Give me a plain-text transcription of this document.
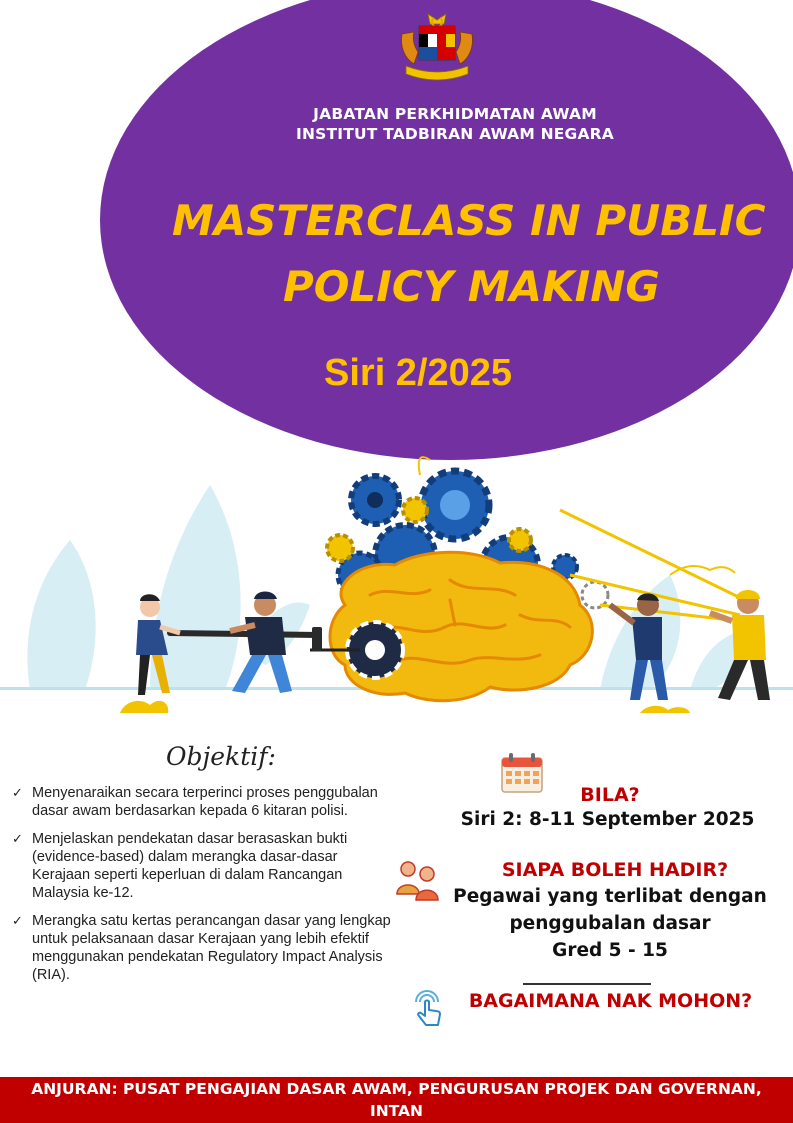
JABATAN PERKHIDMATAN AWAM
INSTITUT TADBIRAN AWAM NEGARA
MASTERCLASS IN PUBLIC
POLICY MAKING
Siri 2/2025
Objektif:
✓ Menyenaraikan secara terperinci proses penggubalan dasar awam berdasarkan kepada 6 kitaran polisi.
✓ Menjelaskan pendekatan dasar berasaskan bukti (evidence-based) dalam merangka dasar-dasar Kerajaan seperti keperluan di dalam Rancangan Malaysia ke-12.
✓ Merangka satu kertas perancangan dasar yang lengkap untuk pelaksanaan dasar Kerajaan yang lebih efektif menggunakan pendekatan Regulatory Impact Analysis (RIA).
BILA?
Siri 2: 8-11 September 2025
SIAPA BOLEH HADIR?
Pegawai yang terlibat dengan
penggubalan dasar
Gred 5 - 15
BAGAIMANA NAK MOHON?
ANJURAN: PUSAT PENGAJIAN DASAR AWAM, PENGURUSAN PROJEK DAN GOVERNAN,
INTAN
